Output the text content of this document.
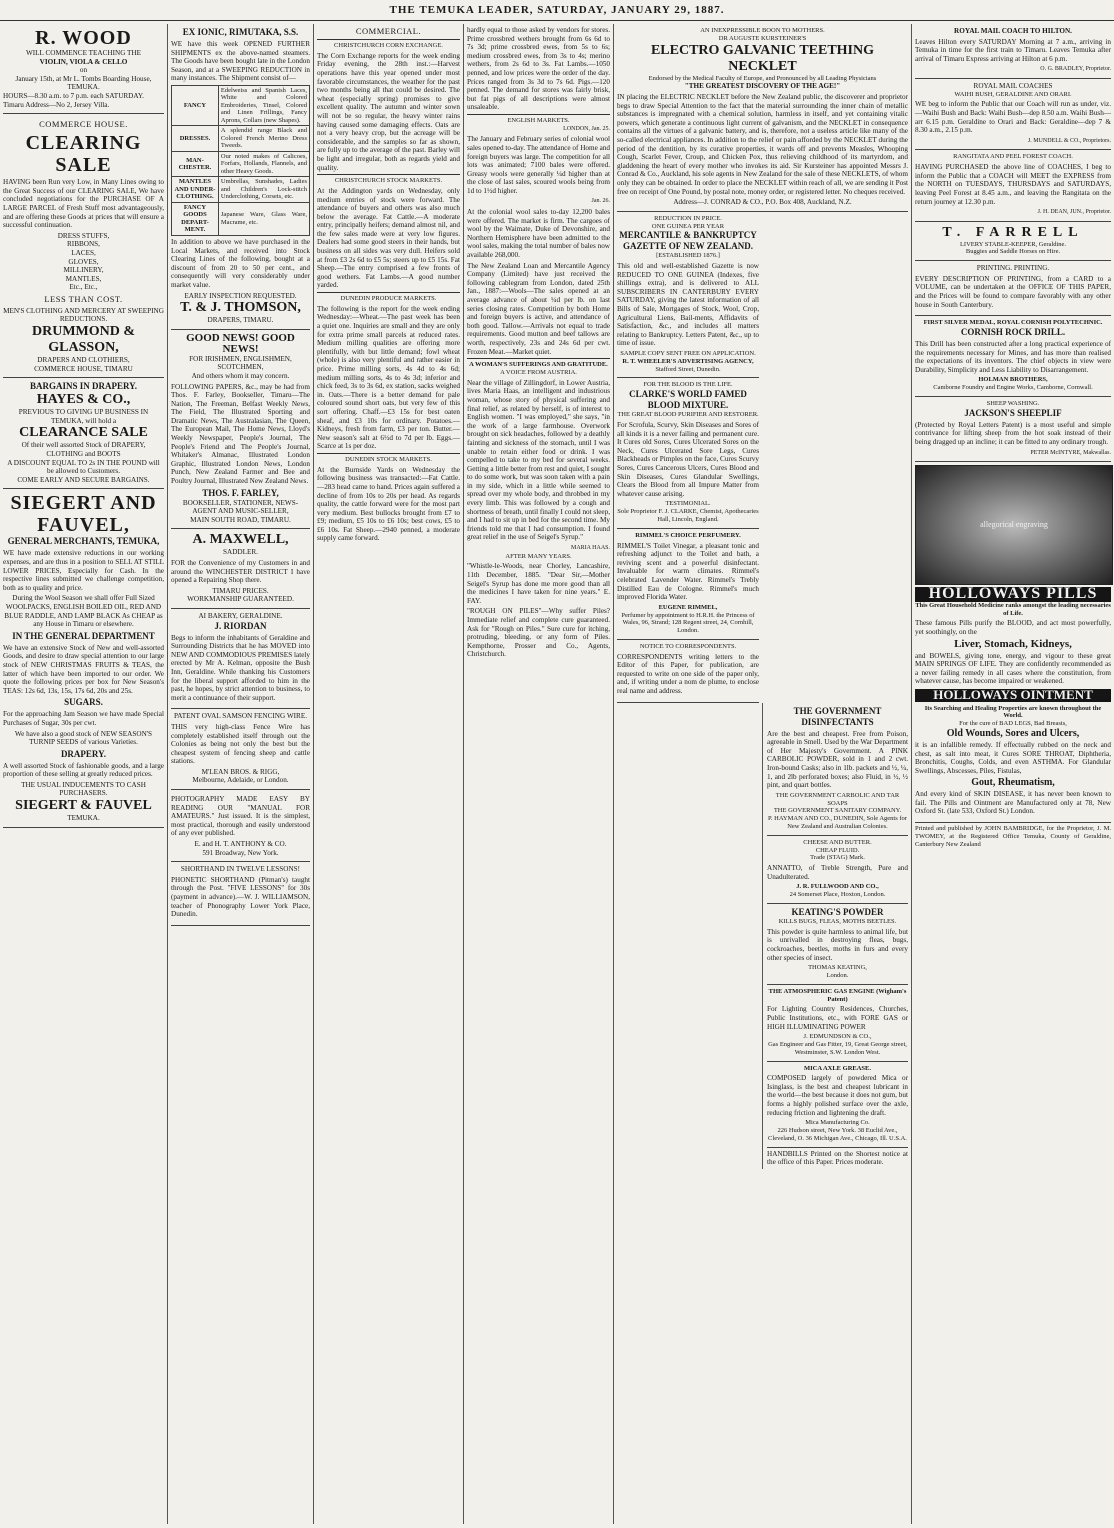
THE TEMUKA LEADER, SATURDAY, JANUARY 29, 1887.
R. WOOD
WILL COMMENCE TEACHING THE
VIOLIN, VIOLA & CELLO
on
January 15th, at Mr L. Tombs Boarding House, TEMUKA.
HOURS—8.30 a.m. to 7 p.m. each SATURDAY.
Timaru Address—No 2, Jersey Villa.
COMMERCE HOUSE.
CLEARING SALE
HAVING been Run very Low, in Many Lines owing to the Great Success of our CLEARING SALE, We have concluded negotiations for the PURCHASE OF A LARGE PARCEL of Fresh Stuff most advantageously, and are offering these Goods at prices that will ensure a successful continuation.
DRESS STUFFS,
RIBBONS,
LACES,
GLOVES,
MILLINERY,
MANTLES,
Etc., Etc.,
LESS THAN COST.
MEN'S CLOTHING AND MERCERY AT SWEEPING REDUCTIONS.
DRUMMOND & GLASSON,
DRAPERS AND CLOTHIERS,
COMMERCE HOUSE, TIMARU
BARGAINS IN DRAPERY.
HAYES & CO.,
PREVIOUS TO GIVING UP BUSINESS IN TEMUKA, will hold a
CLEARANCE SALE
Of their well assorted Stock of DRAPERY, CLOTHING and BOOTS
A DISCOUNT EQUAL TO 2s IN THE POUND will be allowed to Customers.
COME EARLY AND SECURE BARGAINS.
SIEGERT AND FAUVEL,
GENERAL MERCHANTS, TEMUKA,
WE have made extensive reductions in our working expenses, and are thus in a position to SELL AT STILL LOWER PRICES, Especially for Cash. In the respective lines submitted we challenge competition, both as to quality and price.
During the Wool Season we shall offer Full Sized WOOLPACKS, ENGLISH BOILED OIL, RED AND BLUE RADDLE, AND LAMP BLACK As CHEAP as any House in Timaru or elsewhere.
IN THE GENERAL DEPARTMENT
We have an extensive Stock of New and well-assorted Goods, and desire to draw special attention to our large stock of NEW CHRISTMAS FRUITS & TEAS, the latter of which have been imported to our order. We quote the following prices per box for New Season's TEAS: 12s 6d, 13s, 15s, 17s 6d, 20s and 25s.
SUGARS.
For the approaching Jam Season we have made Special Purchases of Sugar, 30s per cwt.
We have also a good stock of NEW SEASON'S TURNIP SEEDS of various Varieties.
DRAPERY.
A well assorted Stock of fashionable goods, and a large proportion of these selling at greatly reduced prices.
THE USUAL INDUCEMENTS TO CASH PURCHASERS.
SIEGERT & FAUVEL
TEMUKA.
EX IONIC, RIMUTAKA, S.S.
WE have this week OPENED FURTHER SHIPMENTS ex the above-named steamers. The Goods have been bought late in the London Season, and at a SWEEPING REDUCTION in many instances. The Shipment consist of—
FANCY	Edelweiss and Spanish Laces, White and Colored Embroideries, Tinsel, Colored and Linen Frillings, Fancy Aprons, Collars (new Shapes).
DRESSES.	A splendid range Black and Colored French Merino Dress Tweeds.
MAN-CHESTER.	Our noted makes of Calicoes, Forfars, Hollands, Flannels, and other Heavy Goods.
MANTLES AND UNDER-CLOTHING.	Umbrellas, Sunshades, Ladies and Children's Lock-stitch Underclothing, Corsets, etc.
FANCY GOODS DEPART-MENT.	Japanese Ware, Glass Ware, Macrame, etc.
In addition to above we have purchased in the Local Markets, and received into Stock Clearing Lines of the following, bought at a discount of from 20 to 50 per cent., and consequently will very considerably under market value.
EARLY INSPECTION REQUESTED.
T. & J. THOMSON,
DRAPERS, TIMARU.
GOOD NEWS! GOOD NEWS!
FOR IRISHMEN, ENGLISHMEN, SCOTCHMEN,
And others whom it may concern.
FOLLOWING PAPERS, &c., may be had from Thos. F. Farley, Bookseller, Timaru—The Nation, The Freeman, Belfast Weekly News, The Field, The Illustrated Sporting and Dramatic News, The Australasian, The Queen, The European Mail, The Home News, Lloyd's Weekly Newspaper, People's Journal, The People's Friend and The People's Journal, Whitaker's Almanac, Illustrated London Graphic, Illustrated London News, London Punch, New Zealand Farmer and Bee and Poultry Journal, Illustrated New Zealand News.
THOS. F. FARLEY,
BOOKSELLER, STATIONER, NEWS-AGENT AND MUSIC-SELLER,
MAIN SOUTH ROAD, TIMARU.
A. MAXWELL,
SADDLER.
FOR the Convenience of my Customers in and around the WINCHESTER DISTRICT I have opened a Repairing Shop there.
TIMARU PRICES.
WORKMANSHIP GUARANTEED.
AI BAKERY, GERALDINE.
J. RIORDAN
Begs to inform the inhabitants of Geraldine and Surrounding Districts that he has MOVED into NEW AND COMMODIOUS PREMISES lately erected by Mr A. Kelman, opposite the Bush Inn, Geraldine. While thanking his Customers for the liberal support afforded to him in the past, he hopes, by strict attention to business, to merit a continuance of their support.
PATENT OVAL SAMSON FENCING WIRE.
THIS very high-class Fence Wire has completely established itself through out the Colonies as being not only the best but the cheapest system of fencing sheep and cattle stations.
M'LEAN BROS. & RIGG,
Melbourne, Adelaide, or London.
PHOTOGRAPHY MADE EASY BY READING OUR "MANUAL FOR AMATEURS." Just issued. It is the simplest, most practical, thorough and easily understood of any ever published.
E. and H. T. ANTHONY & CO.
591 Broadway, New York.
SHORTHAND IN TWELVE LESSONS!
PHONETIC SHORTHAND (Pitman's) taught through the Post. "FIVE LESSONS" for 30s (payment in advance).—W. J. WILLIAMSON, teacher of Phonography Lower York Place, Dunedin.
COMMERCIAL.
CHRISTCHURCH CORN EXCHANGE.
The Corn Exchange reports for the week ending Friday evening, the 28th inst.:—Harvest operations have this year opened under most favorable circumstances, the weather for the past two months being all that could be desired. The wheat (especially spring) promises to give excellent quality. The autumn and winter sown will not be so regular, the heavy winter rains having caused some damaging effects. Oats are not a very heavy crop, but the acreage will be considerable, and the samples so far as shown, are fully up to the average of the past. Barley will be light and irregular, both as regards yield and quality.
CHRISTCHURCH STOCK MARKETS.
At the Addington yards on Wednesday, only medium entries of stock were forward. The attendance of buyers and others was also much below the average. Fat Cattle.—A moderate entry, principally heifers; demand almost nil, and the few sales made were at very low figures. Dealers had some good steers in their hands, but business on all sides was very dull. Heifers sold at from £3 2s 6d to £5 5s; steers up to £5 15s. Fat Sheep.—The entry comprised a few fronts of good wethers. Fat Lambs.—A good number yarded.
DUNEDIN PRODUCE MARKETS.
The following is the report for the week ending Wednesday:—Wheat.—The past week has been a quiet one. Inquiries are small and they are only for extra prime small parcels at reduced rates. Medium milling qualities are offering more plentifully, with but little demand; fowl wheat (whole) is also very plentiful and rather easier in price. Prime milling sorts, 4s 4d to 4s 6d; medium milling sorts, 4s to 4s 3d; inferior and chick feed, 3s to 3s 6d, ex station, sacks weighed in. Oats.—There is a better demand for pale coloured sound short oats, but very few of this sort offering. Chaff.—£3 15s for best oaten sheaf, and £3 10s for ordinary. Potatoes.—Kidneys, fresh from farm, £3 per ton. Butter.—New season's salt at 6½d to 7d per lb. Eggs.—Scarce at 1s per doz.
DUNEDIN STOCK MARKETS.
At the Burnside Yards on Wednesday the following business was transacted:—Fat Cattle.—283 head came to hand. Prices again suffered a decline of from 10s to 20s per head. As regards quality, the cattle forward were for the most part very medium. Best bullocks brought from £7 to £9; medium, £5 10s to £6 10s; best cows, £5 to £6 10s. Fat Sheep.—2940 penned, a moderate supply came forward.
hardly equal to those asked by vendors for stores. Prime crossbred wethers brought from 6s 6d to 7s 3d; prime crossbred ewes, from 5s to 6s; medium crossbred ewes, from 3s to 4s; merino wethers, from 2s 6d to 3s. Fat Lambs.—1050 penned, and low prices were the order of the day. Prices ranged from 3s 3d to 7s 6d. Pigs.—120 penned. The demand for stores was fairly brisk, but fat pigs of all descriptions were almost unsaleable.
ENGLISH MARKETS.
LONDON, Jan. 25.
The January and February series of colonial wool sales opened to-day. The attendance of Home and foreign buyers was large. The competition for all lots was animated; 7100 bales were offered. Greasy wools were generally ¼d higher than at the close of last sales, scoured wools being from 1d to 1½d higher.
Jan. 26.
At the colonial wool sales to-day 12,200 bales were offered. The market is firm. The cargoes of wool by the Waimate, Duke of Devonshire, and Northern Hemisphere have been admitted to the wool sales, making the total number of bales now available 268,000.
The New Zealand Loan and Mercantile Agency Company (Limited) have just received the following cablegram from London, dated 25th Jan., 1887:—Wools—The sales opened at an average advance of about ¼d per lb. on last series closing rates. Competition by both Home and foreign buyers is active, and attendance of both good. Tallow.—Arrivals not equal to trade requirements. Good mutton and beef tallows are worth, respectively, 23s and 24s 6d per cwt. Frozen Meat.—Market quiet.
A WOMAN'S SUFFERINGS AND GRATITUDE.
A VOICE FROM AUSTRIA.
Near the village of Zillingdorf, in Lower Austria, lives Maria Haas, an intelligent and industrious woman, whose story of physical suffering and final relief, as related by herself, is of interest to English women. "I was employed," she says, "in the work of a large farmhouse. Overwork brought on sick headaches, followed by a deathly fainting and sickness of the stomach, until I was unable to retain either food or drink. I was compelled to take to my bed for several weeks. Getting a little better from rest and quiet, I sought to do some work, but was soon taken with a pain in my side, which in a little while seemed to spread over my whole body, and throbbed in my every limb. This was followed by a cough and shortness of breath, until finally I could not sleep, and I had to sit up in bed for the second time. My friends told me that I had consumption. I found great relief in the use of Seigel's Syrup."
MARIA HAAS.
AFTER MANY YEARS.
"Whistle-le-Woods, near Chorley, Lancashire, 11th December, 1885. "Dear Sir,—Mother Seigel's Syrup has done me more good than all the medicines I have taken for nine years." E. FAY.
"ROUGH ON PILES"—Why suffer Piles? Immediate relief and complete cure guaranteed. Ask for "Rough on Piles." Sure cure for itching, protruding, bleeding, or any form of Piles. Kempthorne, Prosser and Co., Agents, Christchurch.
AN INEXPRESSIBLE BOON TO MOTHERS.
DR AUGUSTE KURSTEINER'S
ELECTRO GALVANIC TEETHING NECKLET
Endorsed by the Medical Faculty of Europe, and Pronounced by all Leading Physicians
"THE GREATEST DISCOVERY OF THE AGE!"
IN placing the ELECTRIC NECKLET before the New Zealand public, the discoverer and proprietor begs to draw Special Attention to the fact that the material surrounding the inner chain of metallic substances is impregnated with a chemical solution, harmless in itself, and yet containing vitalic powers, which generate a continuous light current of galvanism, and the NECKLET in consequence contains all the virtues of a galvanic battery, and is, therefore, not a useless article like many of the so-called electrical appliances. In addition to the relief or pain afforded by the NECKLET during the period of the dentition, by its curative properties, it wards off and prevents Measles, Whooping Cough, Scarlet Fever, Croup, and Chicken Pox, thus relieving childhood of its martyrdom, and gladdening the heart of every mother who invokes its aid. Sir Kursteiner has appointed Messrs J. Conrad & Co., Auckland, his sole agents in New Zealand for the sale of these NECKLETS, of whom only they can be obtained. In order to place the NECKLET within reach of all, we are sending it Post free on receipt of One Pound, by postal note, money order, or registered letter. No cheques received.
Address—J. CONRAD & CO., P.O. Box 408, Auckland, N.Z.
REDUCTION IN PRICE.
ONE GUINEA PER YEAR
MERCANTILE & BANKRUPTCY GAZETTE OF NEW ZEALAND.
[ESTABLISHED 1876.]
This old and well-established Gazette is now REDUCED TO ONE GUINEA (Indexes, five shillings extra), and is delivered to ALL SUBSCRIBERS IN CANTERBURY EVERY SATURDAY, giving the latest information of all Bills of Sale, Mortgages of Stock, Wool, Crop, Agricultural Liens, Bail-ments, Affidavits of Satisfaction, &c., and includes all matters relating to Bankruptcy. Letters Patent, &c., up to time of issue.
SAMPLE COPY SENT FREE ON APPLICATION.
R. T. WHEELER'S ADVERTISING AGENCY,
Stafford Street, Dunedin.
FOR THE BLOOD IS THE LIFE.
CLARKE'S WORLD FAMED BLOOD MIXTURE.
THE GREAT BLOOD PURIFIER AND RESTORER.
For Scrofula, Scurvy, Skin Diseases and Sores of all kinds it is a never failing and permanent cure. It Cures old Sores, Cures Ulcerated Sores on the Neck, Cures Ulcerated Sore Legs, Cures Blackheads or Pimples on the face, Cures Scurvy Sores, Cures Cancerous Ulcers, Cures Blood and Skin Diseases, Cures Glandular Swellings, Clears the Blood from all Impure Matter from whatever cause arising.
TESTIMONIAL.
Sole Proprietor F. J. CLARKE, Chemist, Apothecaries Hall, Lincoln, England.
RIMMEL'S CHOICE PERFUMERY.
RIMMEL'S Toilet Vinegar, a pleasant tonic and refreshing adjunct to the Toilet and bath, a reviving scent and a powerful disinfectant. Invaluable for warm climates. Rimmel's celebrated Lavender Water. Rimmel's Trebly Distilled Eau de Cologne. Rimmel's much improved Florida Water.
EUGENE RIMMEL,
Perfumer by appointment to H.R.H. the Princess of Wales, 96, Strand; 128 Regent street, 24, Cornhill, London.
NOTICE TO CORRESPONDENTS.
CORRESPONDENTS writing letters to the Editor of this Paper, for publication, are requested to write on one side of the paper only, and, if writing under a nom de plume, to enclose real name and address.
THE GOVERNMENT DISINFECTANTS
Are the best and cheapest. Free from Poison, agreeable in Smell. Used by the War Department of Her Majesty's Government. A PINK CARBOLIC POWDER, sold in 1 and 2 cwt. Iron-bound Casks; also in 1lb. packets and ½, ¼, 1, and 2lb perforated boxes; also Fluid, in ½, ½ pint, and quart bottles.
THE GOVERNMENT CARBOLIC AND TAR SOAPS
THE GOVERNMENT SANITARY COMPANY.
P. HAYMAN AND CO., DUNEDIN, Sole Agents for New Zealand and Australian Colonies.
CHEESE AND BUTTER.
CHEAP FLUID.
Trade (STAG) Mark.
ANNATTO, of Treble Strength, Pure and Unadulterated.
J. R. FULLWOOD AND CO.,
24 Somerset Place, Hoxton, London.
KEATING'S POWDER
KILLS BUGS, FLEAS, MOTHS BEETLES.
This powder is quite harmless to animal life, but is unrivalled in destroying fleas, bugs, cockroaches, beetles, moths in furs and every other species of insect.
THOMAS KEATING,
London.
THE ATMOSPHERIC GAS ENGINE (Wigham's Patent)
For Lighting Country Residences, Churches, Public Institutions, etc., with FORE GAS or HIGH ILLUMINATING POWER
J. EDMUNDSON & CO.,
Gas Engineer and Gas Fitter, 19, Great George street, Westminster, S.W. London West.
MICA AXLE GREASE.
COMPOSED largely of powdered Mica or Isinglass, is the best and cheapest lubricant in the world—the best because it does not gum, but forms a highly polished surface over the axle, reducing friction and lightening the draft.
Mica Manufacturing Co.
226 Hudson street, New York. 38 Euclid Ave., Cleveland, O. 36 Michigan Ave., Chicago, Ill. U.S.A.
HANDBILLS Printed on the Shortest notice at the office of this Paper. Prices moderate.
ROYAL MAIL COACH TO HILTON.
Leaves Hilton every SATURDAY Morning at 7 a.m., arriving in Temuka in time for the first train to Timaru. Leaves Temuka after arrival of Timaru Express arriving at Hilton at 6 p.m.
O. G. BRADLEY, Proprietor.
ROYAL MAIL COACHES
WAIHI BUSH, GERALDINE AND ORARI.
WE beg to inform the Public that our Coach will run as under, viz.—Waihi Bush and Back: Waihi Bush—dep 8.50 a.m. Waihi Bush—arr 6.15 p.m. Geraldine to Orari and Back: Geraldine—dep 7 & 8.30 a.m., 2.15 p.m.
J. MUNDELL & CO., Proprietors.
RANGITATA AND PEEL FOREST COACH.
HAVING PURCHASED the above line of COACHES, I beg to inform the Public that a COACH will MEET the EXPRESS from the NORTH on TUESDAYS, THURSDAYS and SATURDAYS, leaving Peel Forest at 8.45 a.m., and leaving the Rangitata on the return journey at 12.30 p.m.
J. H. DEAN, JUN., Proprietor.
T. FARRELL
LIVERY STABLE-KEEPER, Geraldine.
Buggies and Saddle Horses on Hire.
PRINTING. PRINTING.
EVERY DESCRIPTION OF PRINTING, from a CARD to a VOLUME, can be undertaken at the OFFICE OF THIS PAPER, and the Prices will be found to compare favorably with any other house in South Canterbury.
FIRST SILVER MEDAL, ROYAL CORNISH POLYTECHNIC.
CORNISH ROCK DRILL.
This Drill has been constructed after a long practical experience of the requirements necessary for Mines, and has more than realised the expectations of its inventors. The chief objects in view were Durability, Simplicity and Less Liability to Disarrangement.
HOLMAN BROTHERS,
Camborne Foundry and Engine Works, Camborne, Cornwall.
SHEEP WASHING.
JACKSON'S SHEEPLIF
(Protected by Royal Letters Patent) is a most useful and simple contrivance for lifting sheep from the hot soak instead of their being dragged up an incline; it can be fitted to any ordinary trough.
PETER McINTYRE, Makwallas.
allegorical engraving
HOLLOWAYS PILLS
This Great Household Medicine ranks amongst the leading necessaries of Life.
These famous Pills purify the BLOOD, and act most powerfully, yet soothingly, on the
Liver, Stomach, Kidneys,
and BOWELS, giving tone, energy, and vigour to these great MAIN SPRINGS OF LIFE. They are confidently recommended as a never failing remedy in all cases where the constitution, from whatever cause, has become impaired or weakened.
HOLLOWAYS OINTMENT
Its Searching and Healing Properties are known throughout the World.
For the cure of BAD LEGS, Bad Breasts,
Old Wounds, Sores and Ulcers,
it is an infallible remedy. If effectually rubbed on the neck and chest, as salt into meat, it Cures SORE THROAT, Diphtheria, Bronchitis, Coughs, Colds, and even ASTHMA. For Glandular Swellings, Abscesses, Piles, Fistulas,
Gout, Rheumatism,
And every kind of SKIN DISEASE, it has never been known to fail. The Pills and Ointment are Manufactured only at 78, New Oxford St. (late 533, Oxford St.) London.
Printed and published by JOHN BAMBRIDGE, for the Proprietor, J. M. TWOMEY, at the Registered Office Temuka, County of Geraldine, Canterbury New Zealand
